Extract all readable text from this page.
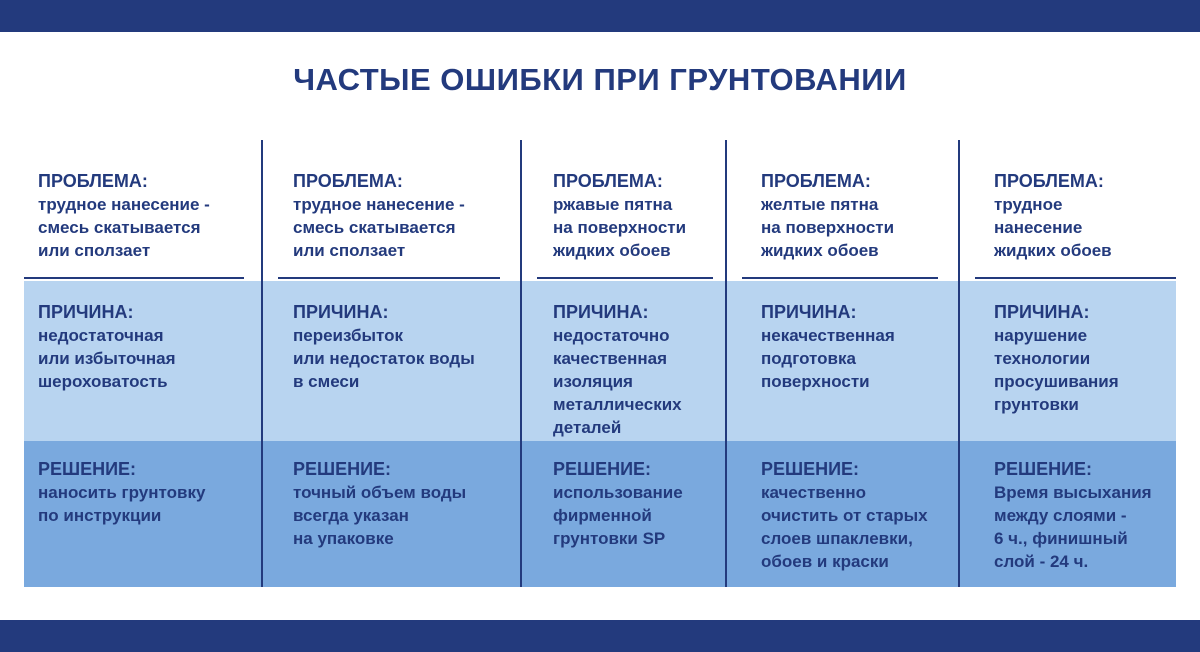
ЧАСТЫЕ ОШИБКИ ПРИ ГРУНТОВАНИИ
ПРОБЛЕМА:
трудное нанесение -
смесь скатывается
или сползает
ПРИЧИНА:
недостаточная
или избыточная
шероховатость
РЕШЕНИЕ:
наносить грунтовку
по инструкции
ПРОБЛЕМА:
трудное нанесение -
смесь скатывается
или сползает
ПРИЧИНА:
переизбыток
или недостаток воды
в смеси
РЕШЕНИЕ:
точный объем воды
всегда указан
на упаковке
ПРОБЛЕМА:
ржавые пятна
на поверхности
жидких обоев
ПРИЧИНА:
недостаточно
качественная
изоляция
металлических
деталей
РЕШЕНИЕ:
использование
фирменной
грунтовки SP
ПРОБЛЕМА:
желтые пятна
на поверхности
жидких обоев
ПРИЧИНА:
некачественная
подготовка
поверхности
РЕШЕНИЕ:
качественно
очистить от старых
слоев шпаклевки,
обоев и краски
ПРОБЛЕМА:
трудное
нанесение
жидких обоев
ПРИЧИНА:
нарушение
технологии
просушивания
грунтовки
РЕШЕНИЕ:
Время высыхания
между слоями -
6 ч., финишный
слой - 24 ч.
